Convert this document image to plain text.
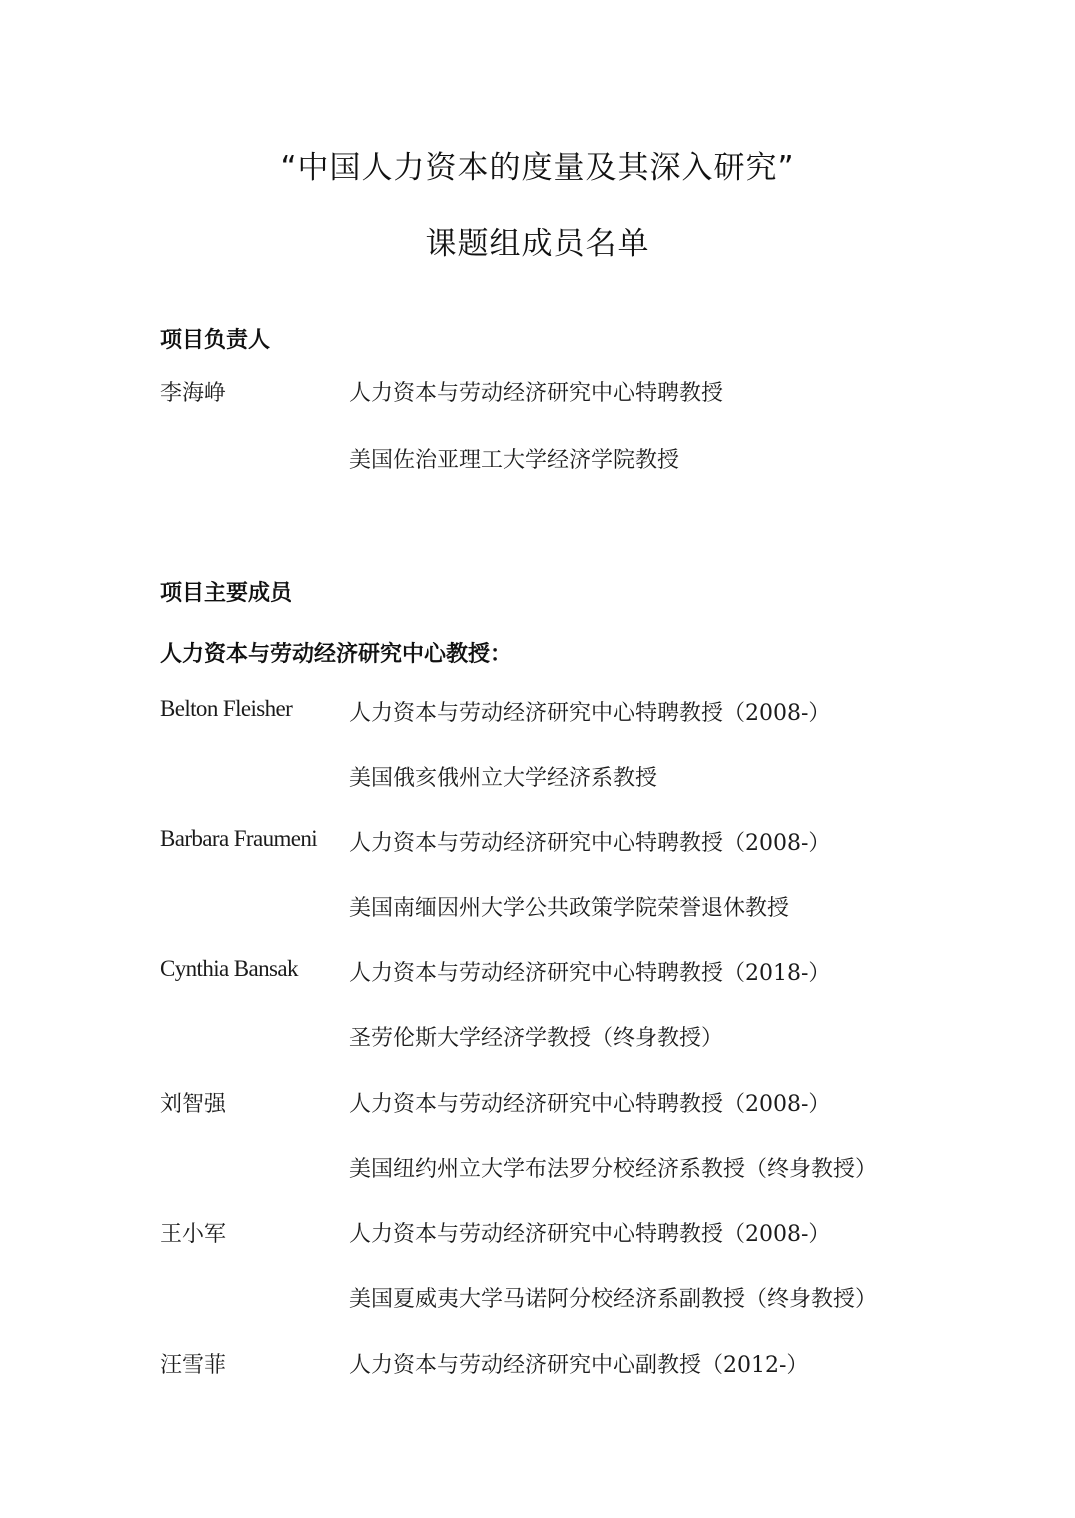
“中国人力资本的度量及其深入研究”
课题组成员名单
项目负责人
李海峥	人力资本与劳动经济研究中心特聘教授
美国佐治亚理工大学经济学院教授
项目主要成员
人力资本与劳动经济研究中心教授：
Belton Fleisher	人力资本与劳动经济研究中心特聘教授（2008-）
美国俄亥俄州立大学经济系教授
Barbara Fraumeni 人力资本与劳动经济研究中心特聘教授（2008-）
美国南缅因州大学公共政策学院荣誉退休教授
Cynthia Bansak 人力资本与劳动经济研究中心特聘教授（2018-）
圣劳伦斯大学经济学教授（终身教授）
刘智强	人力资本与劳动经济研究中心特聘教授（2008-）
美国纽约州立大学布法罗分校经济系教授（终身教授）
王小军	人力资本与劳动经济研究中心特聘教授（2008-）
美国夏威夷大学马诺阿分校经济系副教授（终身教授）
汪雪菲	人力资本与劳动经济研究中心副教授（2012-）
